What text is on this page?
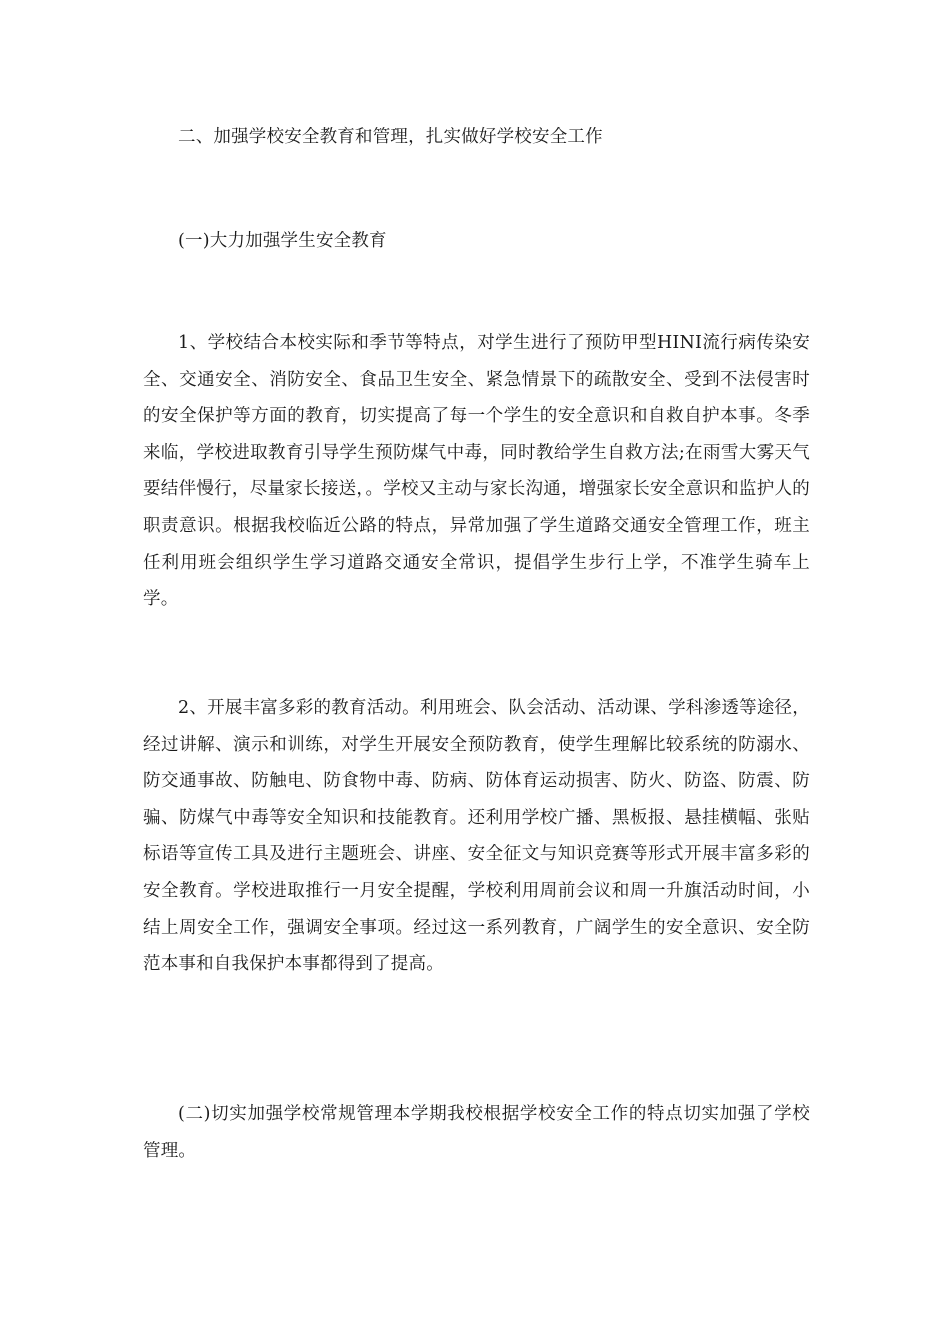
二、加强学校安全教育和管理，扎实做好学校安全工作

(一)大力加强学生安全教育

1、学校结合本校实际和季节等特点，对学生进行了预防甲型HINI流行病传染安全、交通安全、消防安全、食品卫生安全、紧急情景下的疏散安全、受到不法侵害时的安全保护等方面的教育，切实提高了每一个学生的安全意识和自救自护本事。冬季来临，学校进取教育引导学生预防煤气中毒，同时教给学生自救方法;在雨雪大雾天气要结伴慢行，尽量家长接送，。学校又主动与家长沟通，增强家长安全意识和监护人的职责意识。根据我校临近公路的特点，异常加强了学生道路交通安全管理工作，班主任利用班会组织学生学习道路交通安全常识，提倡学生步行上学，不准学生骑车上学。

2、开展丰富多彩的教育活动。利用班会、队会活动、活动课、学科渗透等途径，经过讲解、演示和训练，对学生开展安全预防教育，使学生理解比较系统的防溺水、防交通事故、防触电、防食物中毒、防病、防体育运动损害、防火、防盗、防震、防骗、防煤气中毒等安全知识和技能教育。还利用学校广播、黑板报、悬挂横幅、张贴标语等宣传工具及进行主题班会、讲座、安全征文与知识竞赛等形式开展丰富多彩的安全教育。学校进取推行一月安全提醒，学校利用周前会议和周一升旗活动时间，小结上周安全工作，强调安全事项。经过这一系列教育，广阔学生的安全意识、安全防范本事和自我保护本事都得到了提高。

(二)切实加强学校常规管理本学期我校根据学校安全工作的特点切实加强了学校管理。
